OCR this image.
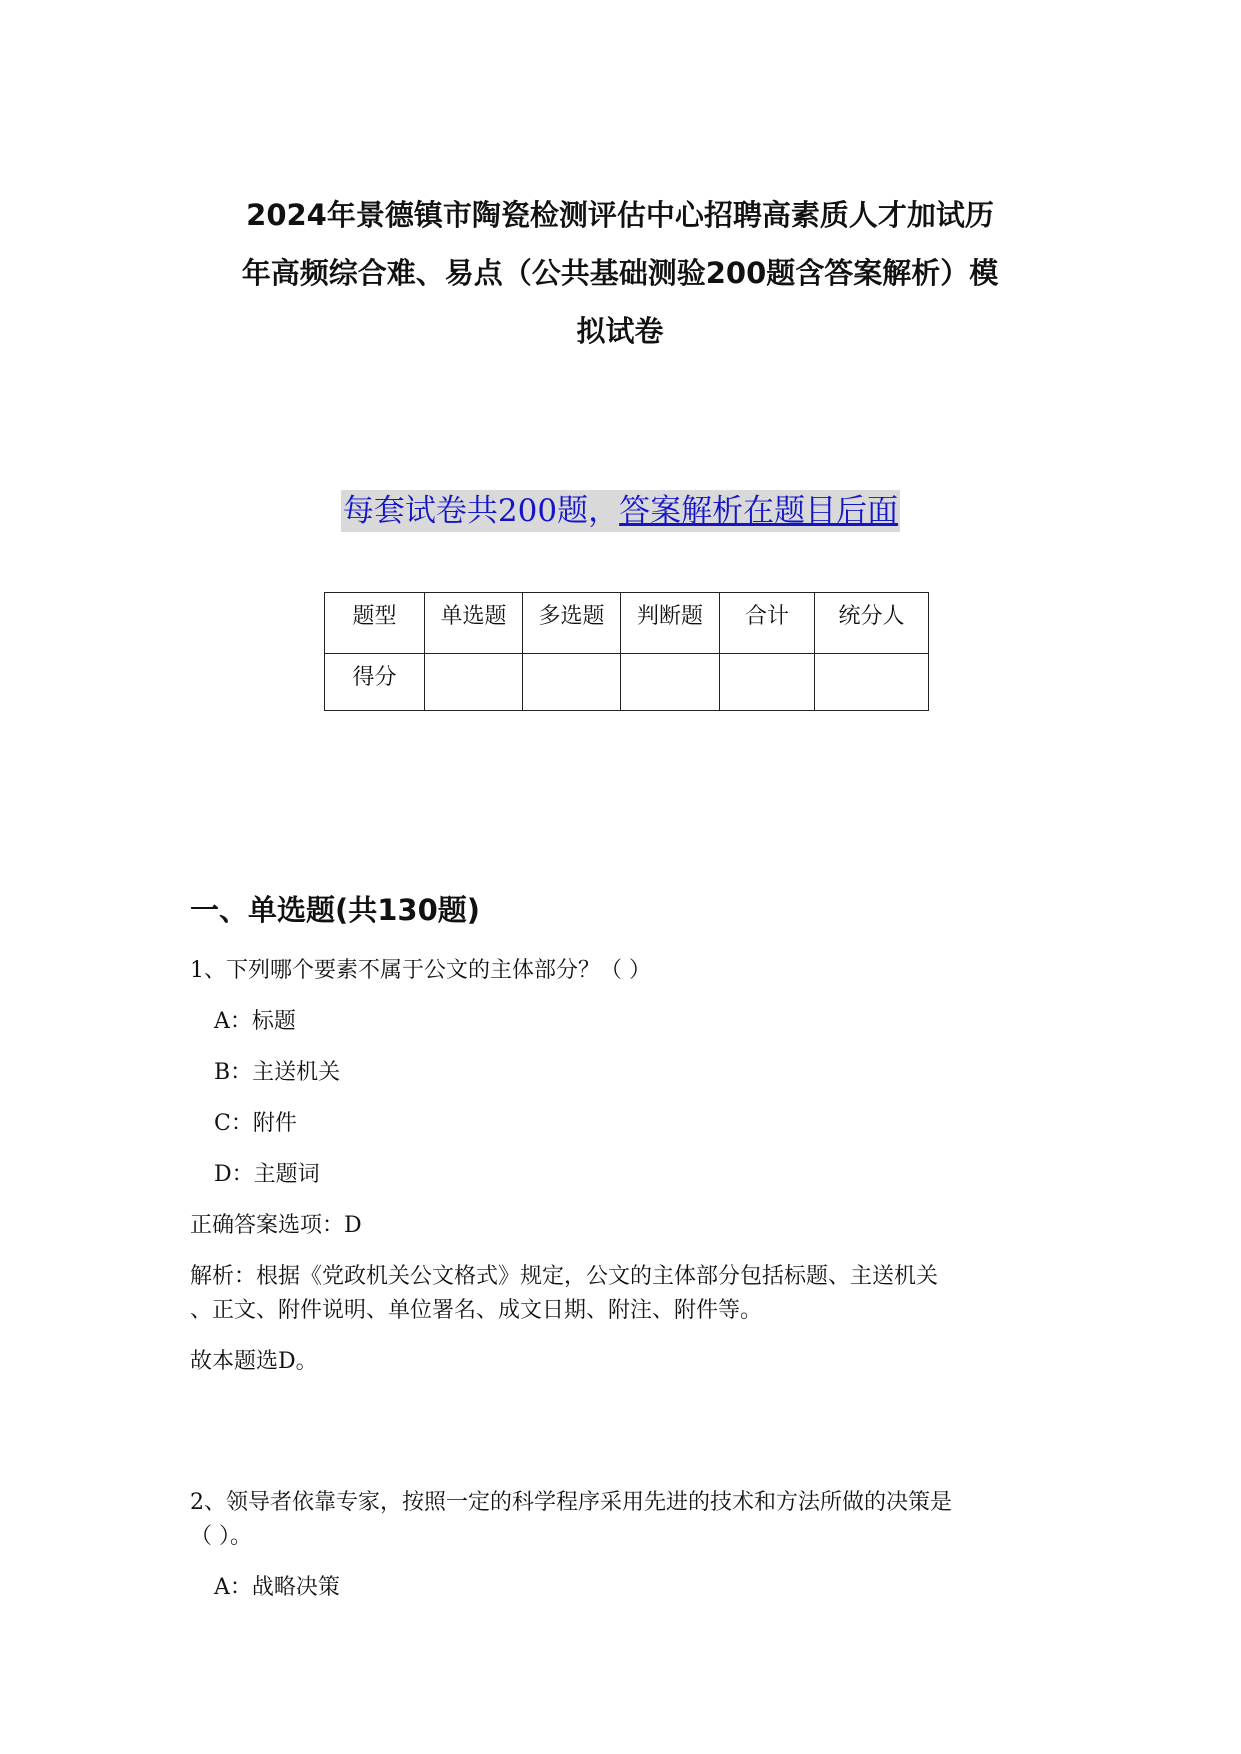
2024年景德镇市陶瓷检测评估中心招聘高素质人才加试历
年高频综合难、易点（公共基础测验200题含答案解析）模
拟试卷
每套试卷共200题，答案解析在题目后面
题型	单选题	多选题	判断题	合计	统分人
得分					
一、单选题(共130题)

1、下列哪个要素不属于公文的主体部分？（ ）

A：标题

B：主送机关

C：附件

D：主题词

正确答案选项：D

解析：根据《党政机关公文格式》规定，公文的主体部分包括标题、主送机关

、正文、附件说明、单位署名、成文日期、附注、附件等。

故本题选D。

2、领导者依靠专家，按照一定的科学程序采用先进的技术和方法所做的决策是

（ ）。

A：战略决策
